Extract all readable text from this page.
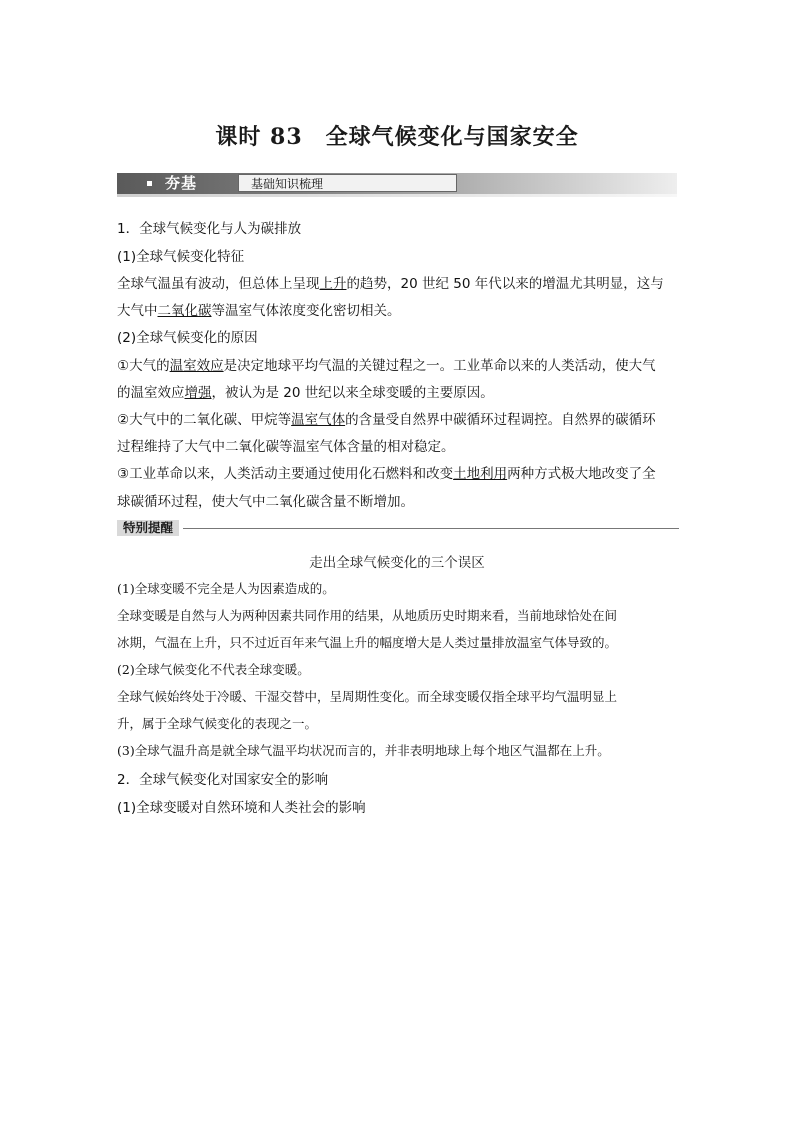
课时 83　全球气候变化与国家安全
夯基	基础知识梳理
1．全球气候变化与人为碳排放
(1)全球气候变化特征
全球气温虽有波动，但总体上呈现上升的趋势，20 世纪 50 年代以来的增温尤其明显，这与
大气中二氧化碳等温室气体浓度变化密切相关。
(2)全球气候变化的原因
①大气的温室效应是决定地球平均气温的关键过程之一。工业革命以来的人类活动，使大气
的温室效应增强，被认为是 20 世纪以来全球变暖的主要原因。
②大气中的二氧化碳、甲烷等温室气体的含量受自然界中碳循环过程调控。自然界的碳循环
过程维持了大气中二氧化碳等温室气体含量的相对稳定。
③工业革命以来，人类活动主要通过使用化石燃料和改变土地利用两种方式极大地改变了全
球碳循环过程，使大气中二氧化碳含量不断增加。
特别提醒
走出全球气候变化的三个误区
(1)全球变暖不完全是人为因素造成的。
全球变暖是自然与人为两种因素共同作用的结果，从地质历史时期来看，当前地球恰处在间
冰期，气温在上升，只不过近百年来气温上升的幅度增大是人类过量排放温室气体导致的。
(2)全球气候变化不代表全球变暖。
全球气候始终处于冷暖、干湿交替中，呈周期性变化。而全球变暖仅指全球平均气温明显上
升，属于全球气候变化的表现之一。
(3)全球气温升高是就全球气温平均状况而言的，并非表明地球上每个地区气温都在上升。
2．全球气候变化对国家安全的影响
(1)全球变暖对自然环境和人类社会的影响
